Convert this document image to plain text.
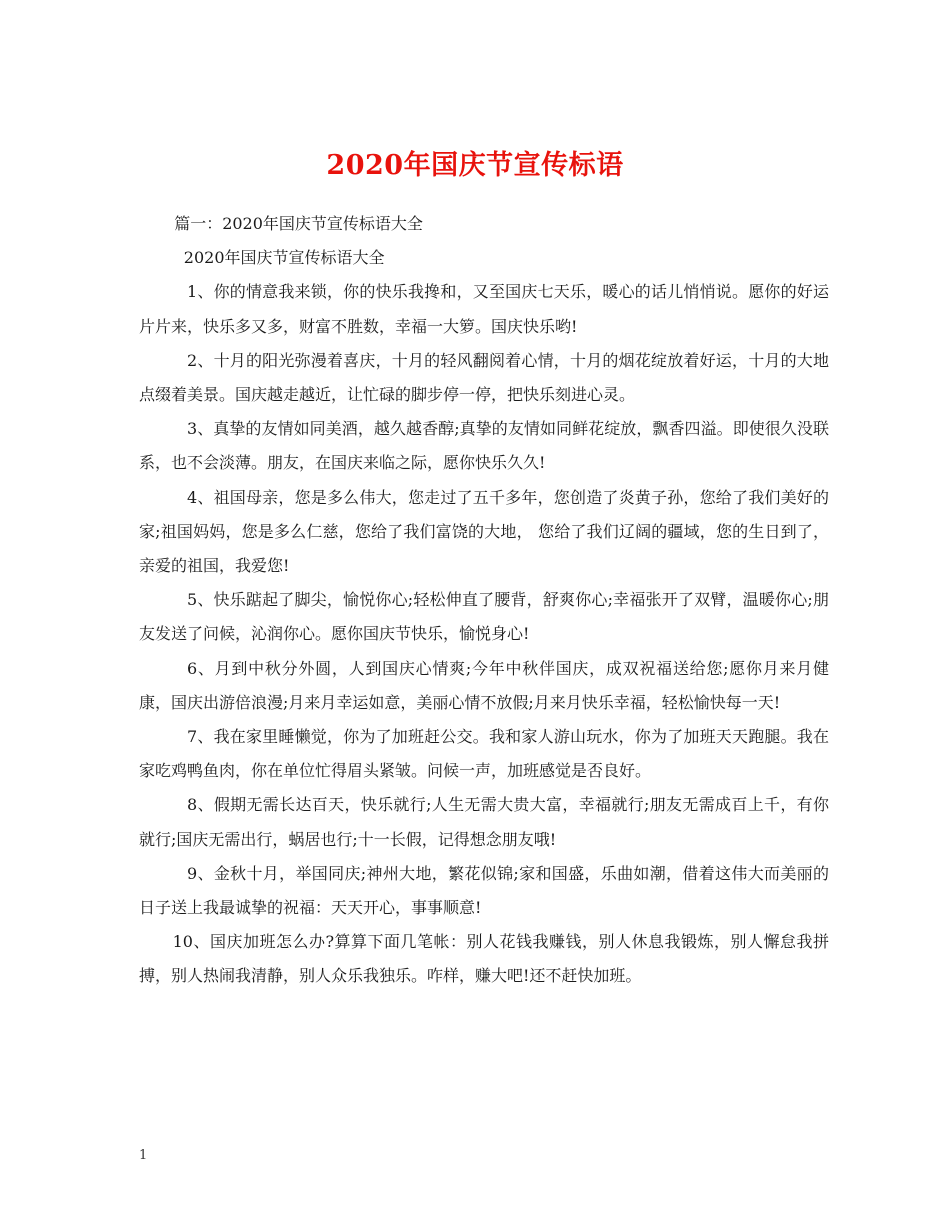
2020年国庆节宣传标语

篇一：2020年国庆节宣传标语大全

2020年国庆节宣传标语大全

1、你的情意我来锁，你的快乐我搀和，又至国庆七天乐，暖心的话儿悄悄说。愿你的好运片片来，快乐多又多，财富不胜数，幸福一大箩。国庆快乐哟!

2、十月的阳光弥漫着喜庆，十月的轻风翻阅着心情，十月的烟花绽放着好运，十月的大地点缀着美景。国庆越走越近，让忙碌的脚步停一停，把快乐刻进心灵。

3、真挚的友情如同美酒，越久越香醇;真挚的友情如同鲜花绽放，飘香四溢。即使很久没联系，也不会淡薄。朋友，在国庆来临之际，愿你快乐久久!

4、祖国母亲，您是多么伟大，您走过了五千多年，您创造了炎黄子孙，您给了我们美好的家;祖国妈妈，您是多么仁慈，您给了我们富饶的大地， 您给了我们辽阔的疆域，您的生日到了，亲爱的祖国，我爱您!

5、快乐踮起了脚尖，愉悦你心;轻松伸直了腰背，舒爽你心;幸福张开了双臂，温暖你心;朋友发送了问候，沁润你心。愿你国庆节快乐，愉悦身心!

6、月到中秋分外圆，人到国庆心情爽;今年中秋伴国庆，成双祝福送给您;愿你月来月健康，国庆出游倍浪漫;月来月幸运如意，美丽心情不放假;月来月快乐幸福，轻松愉快每一天!

7、我在家里睡懒觉，你为了加班赶公交。我和家人游山玩水，你为了加班天天跑腿。我在家吃鸡鸭鱼肉，你在单位忙得眉头紧皱。问候一声，加班感觉是否良好。

8、假期无需长达百天，快乐就行;人生无需大贵大富，幸福就行;朋友无需成百上千，有你就行;国庆无需出行，蜗居也行;十一长假，记得想念朋友哦!

9、金秋十月，举国同庆;神州大地，繁花似锦;家和国盛，乐曲如潮，借着这伟大而美丽的日子送上我最诚挚的祝福：天天开心，事事顺意!

10、国庆加班怎么办?算算下面几笔帐：别人花钱我赚钱，别人休息我锻炼，别人懈怠我拼搏，别人热闹我清静，别人众乐我独乐。咋样，赚大吧!还不赶快加班。

1
